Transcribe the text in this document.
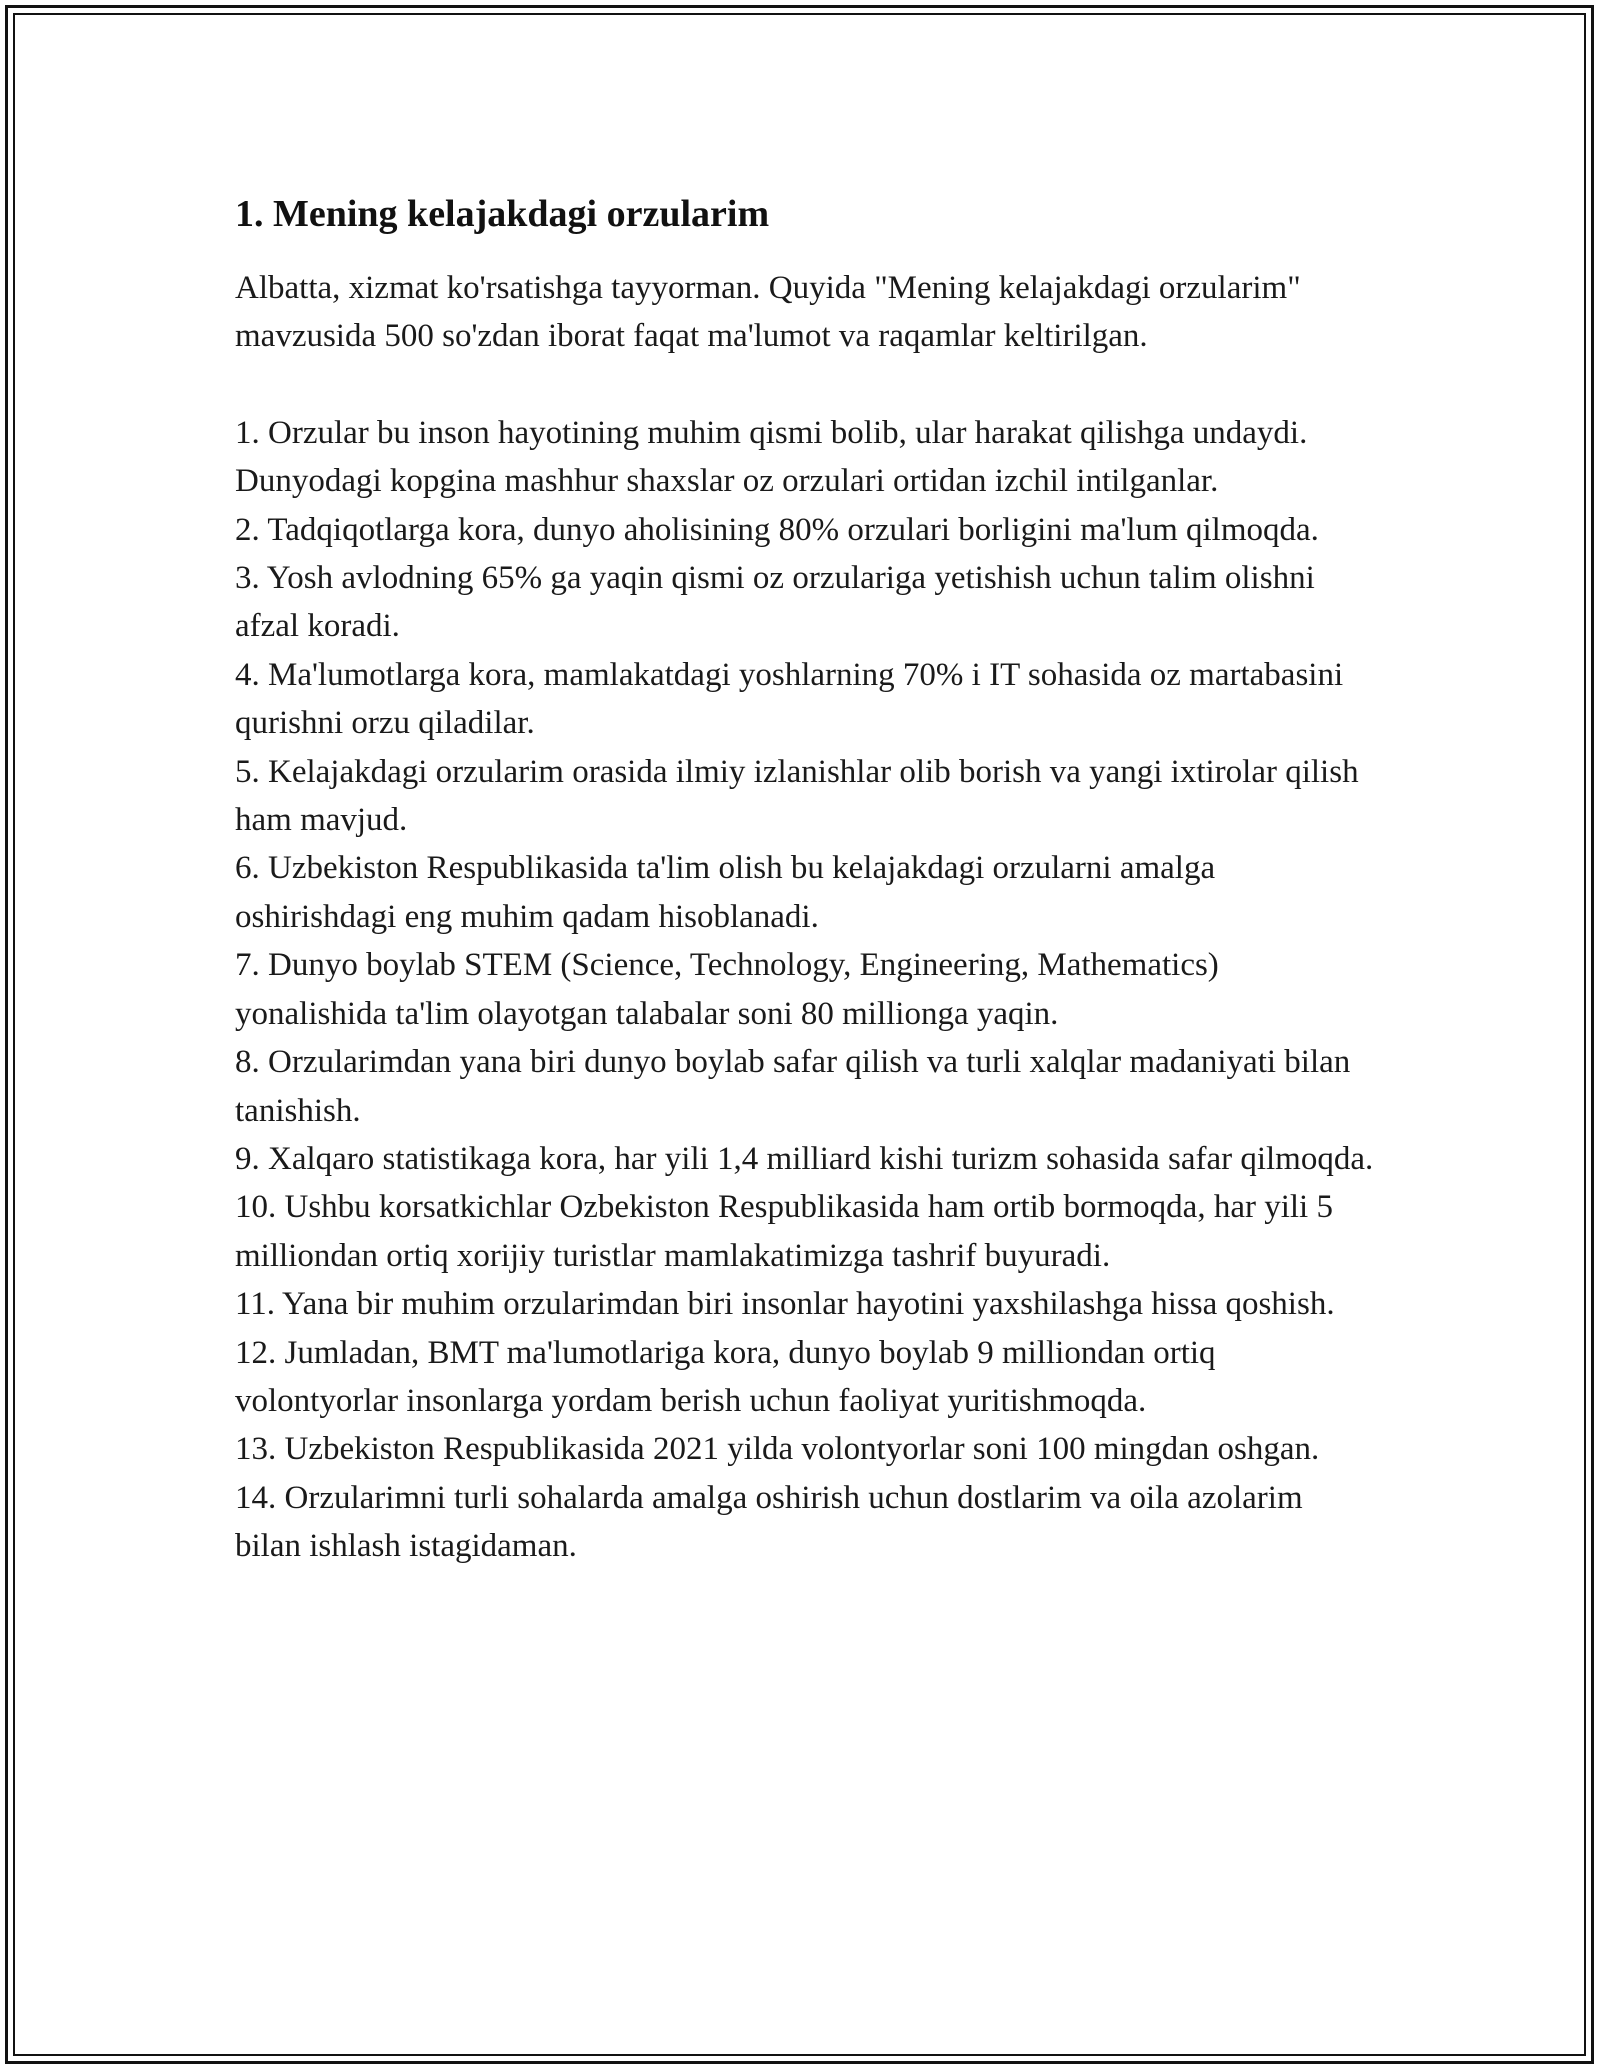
1. Mening kelajakdagi orzularim

Albatta, xizmat ko'rsatishga tayyorman. Quyida "Mening kelajakdagi orzularim" mavzusida 500 so'zdan iborat faqat ma'lumot va raqamlar keltirilgan.

1. Orzular bu inson hayotining muhim qismi bolib, ular harakat qilishga undaydi. Dunyodagi kopgina mashhur shaxslar oz orzulari ortidan izchil intilganlar.
2. Tadqiqotlarga kora, dunyo aholisining 80% orzulari borligini ma'lum qilmoqda.
3. Yosh avlodning 65% ga yaqin qismi oz orzulariga yetishish uchun talim olishni afzal koradi.
4. Ma'lumotlarga kora, mamlakatdagi yoshlarning 70% i IT sohasida oz martabasini qurishni orzu qiladilar.
5. Kelajakdagi orzularim orasida ilmiy izlanishlar olib borish va yangi ixtirolar qilish ham mavjud.
6. Uzbekiston Respublikasida ta'lim olish bu kelajakdagi orzularni amalga oshirishdagi eng muhim qadam hisoblanadi.
7. Dunyo boylab STEM (Science, Technology, Engineering, Mathematics) yonalishida ta'lim olayotgan talabalar soni 80 millionga yaqin.
8. Orzularimdan yana biri dunyo boylab safar qilish va turli xalqlar madaniyati bilan tanishish.
9. Xalqaro statistikaga kora, har yili 1,4 milliard kishi turizm sohasida safar qilmoqda.
10. Ushbu korsatkichlar Ozbekiston Respublikasida ham ortib bormoqda, har yili 5 milliondan ortiq xorijiy turistlar mamlakatimizga tashrif buyuradi.
11. Yana bir muhim orzularimdan biri insonlar hayotini yaxshilashga hissa qoshish.
12. Jumladan, BMT ma'lumotlariga kora, dunyo boylab 9 milliondan ortiq volontyorlar insonlarga yordam berish uchun faoliyat yuritishmoqda.
13. Uzbekiston Respublikasida 2021 yilda volontyorlar soni 100 mingdan oshgan.
14. Orzularimni turli sohalarda amalga oshirish uchun dostlarim va oila azolarim bilan ishlash istagidaman.
